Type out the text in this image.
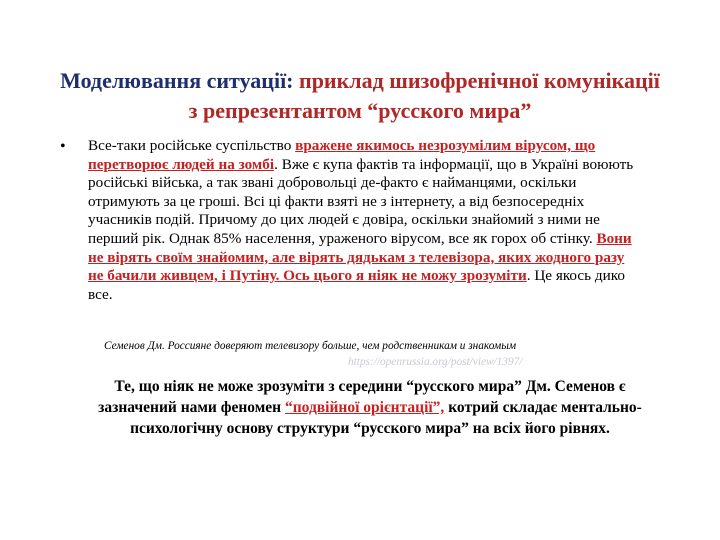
Моделювання ситуації: приклад шизофренічної комунікації з репрезентантом “русского мира”
• Все-таки російське суспільство вражене якимось незрозумілим вірусом, що перетворює людей на зомбі. Вже є купа фактів та інформації, що в Україні воюють російські війська, а так звані добровольці де-факто є найманцями, оскільки отримують за це гроші. Всі ці факти взяті не з інтернету, а від безпосередніх учасників подій. Причому до цих людей є довіра, оскільки знайомий з ними не перший рік. Однак 85% населення, ураженого вірусом, все як горох об стінку. Вони не вірять своїм знайомим, але вірять дядькам з телевізора, яких жодного разу не бачили живцем, і Путіну. Ось цього я ніяк не можу зрозуміти. Це якось дико все.
Семенов Дм. Россияне доверяют телевизору больше, чем родственникам и знакомым
https://openrussia.org/post/view/1397/
Те, що ніяк не може зрозуміти з середини “русского мира” Дм. Семенов є зазначений нами феномен “подвійної орієнтації”, котрий складає ментально-психологічну основу структури “русского мира” на всіх його рівнях.
